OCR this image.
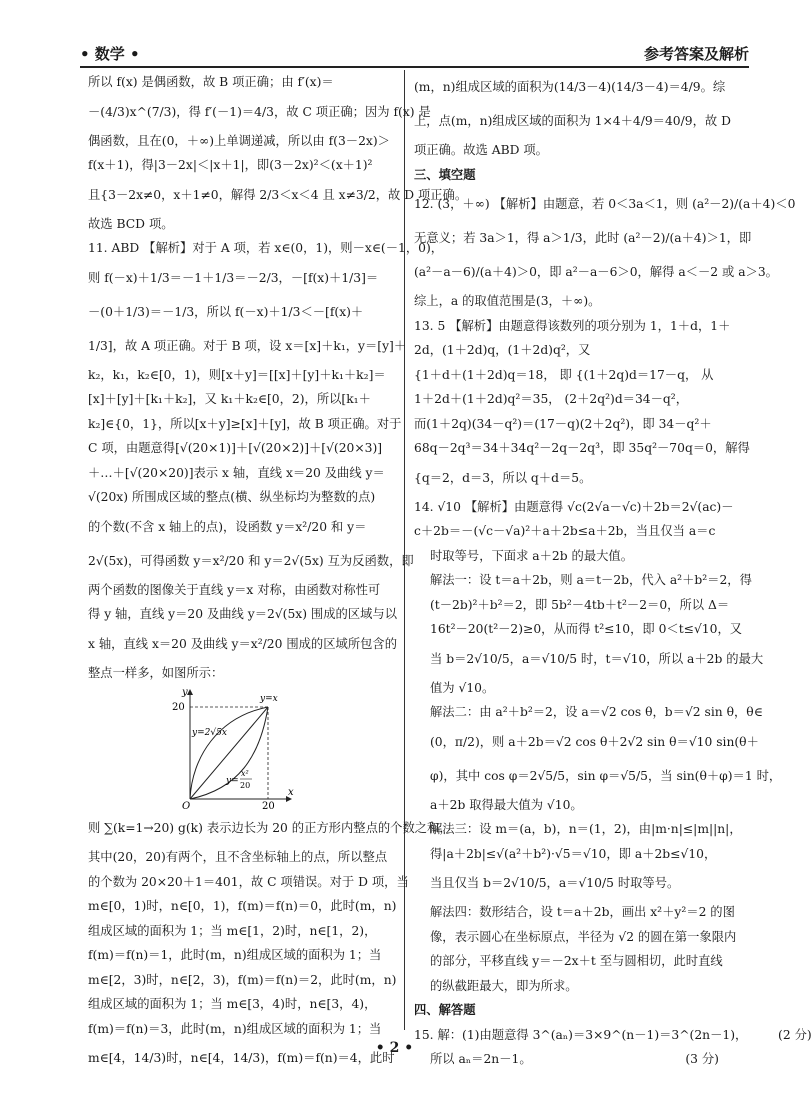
• 数学 •	参考答案及解析
所以 f(x) 是偶函数，故 B 项正确；由 f′(x)＝
－(4/3)x^(7/3)，得 f′(－1)＝4/3，故 C 项正确；因为 f(x) 是
偶函数，且在(0，＋∞)上单调递减，所以由 f(3－2x)＞
f(x＋1)，得|3－2x|＜|x＋1|，即(3－2x)²＜(x＋1)²
且{3－2x≠0，x＋1≠0，解得 2/3＜x＜4 且 x≠3/2，故 D 项正确。
故选 BCD 项。
11. ABD 【解析】对于 A 项，若 x∈(0，1)，则－x∈(－1，0)，
则 f(－x)＋1/3＝－1＋1/3＝－2/3，－[f(x)＋1/3]＝
－(0＋1/3)＝－1/3，所以 f(－x)＋1/3＜－[f(x)＋
1/3]，故 A 项正确。对于 B 项，设 x＝[x]＋k₁，y＝[y]＋
k₂，k₁，k₂∈[0，1)，则[x＋y]＝[[x]＋[y]＋k₁＋k₂]＝
[x]＋[y]＋[k₁＋k₂]，又 k₁＋k₂∈[0，2)，所以[k₁＋
k₂]∈{0，1}，所以[x＋y]≥[x]＋[y]，故 B 项正确。对于
C 项，由题意得[√(20×1)]＋[√(20×2)]＋[√(20×3)]
＋…＋[√(20×20)]表示 x 轴，直线 x＝20 及曲线 y＝
√(20x) 所围成区域的整点(横、纵坐标均为整数的点)
的个数(不含 x 轴上的点)，设函数 y＝x²/20 和 y＝
2√(5x)，可得函数 y＝x²/20 和 y＝2√(5x) 互为反函数，即
两个函数的图像关于直线 y＝x 对称，由函数对称性可
得 y 轴，直线 y＝20 及曲线 y＝2√(5x) 围成的区域与以
x 轴，直线 x＝20 及曲线 y＝x²/20 围成的区域所包含的
整点一样多，如图所示：
y
x
O
20
20
y=x
y=2√5x
y=
x²
20
则 ∑(k=1→20) g(k) 表示边长为 20 的正方形内整点的个数之和，
其中(20，20)有两个，且不含坐标轴上的点，所以整点
的个数为 20×20＋1＝401，故 C 项错误。对于 D 项，当
m∈[0，1)时，n∈[0，1)，f(m)＝f(n)＝0，此时(m，n)
组成区域的面积为 1；当 m∈[1，2)时，n∈[1，2)，
f(m)＝f(n)＝1，此时(m，n)组成区域的面积为 1；当
m∈[2，3)时，n∈[2，3)，f(m)＝f(n)＝2，此时(m，n)
组成区域的面积为 1；当 m∈[3，4)时，n∈[3，4)，
f(m)＝f(n)＝3，此时(m，n)组成区域的面积为 1；当
m∈[4，14/3)时，n∈[4，14/3)，f(m)＝f(n)＝4，此时
(m，n)组成区域的面积为(14/3－4)(14/3－4)＝4/9。综
上，点(m，n)组成区域的面积为 1×4＋4/9＝40/9，故 D
项正确。故选 ABD 项。
三、填空题
12. (3，＋∞) 【解析】由题意，若 0＜3a＜1，则 (a²－2)/(a＋4)＜0
无意义；若 3a＞1，得 a＞1/3，此时 (a²－2)/(a＋4)＞1，即
(a²－a－6)/(a＋4)＞0，即 a²－a－6＞0，解得 a＜－2 或 a＞3。
综上，a 的取值范围是(3，＋∞)。
13. 5 【解析】由题意得该数列的项分别为 1，1＋d，1＋
2d，(1＋2d)q，(1＋2d)q²，又
{1＋d＋(1＋2d)q＝18， 即 {(1＋2q)d＝17－q， 从
1＋2d＋(1＋2d)q²＝35， (2＋2q²)d＝34－q²，
而(1＋2q)(34－q²)＝(17－q)(2＋2q²)，即 34－q²＋
68q－2q³＝34＋34q²－2q－2q³，即 35q²－70q＝0，解得
{q＝2，d＝3，所以 q＋d＝5。
14. √10 【解析】由题意得 √c(2√a－√c)＋2b＝2√(ac)－
c＋2b＝－(√c－√a)²＋a＋2b≤a＋2b，当且仅当 a＝c
时取等号，下面求 a＋2b 的最大值。
解法一：设 t＝a＋2b，则 a＝t－2b，代入 a²＋b²＝2，得
(t－2b)²＋b²＝2，即 5b²－4tb＋t²－2＝0，所以 Δ＝
16t²－20(t²－2)≥0，从而得 t²≤10，即 0＜t≤√10，又
当 b＝2√10/5，a＝√10/5 时，t＝√10，所以 a＋2b 的最大
值为 √10。
解法二：由 a²＋b²＝2，设 a＝√2 cos θ，b＝√2 sin θ，θ∈
(0，π/2)，则 a＋2b＝√2 cos θ＋2√2 sin θ＝√10 sin(θ＋
φ)，其中 cos φ＝2√5/5，sin φ＝√5/5，当 sin(θ＋φ)＝1 时，
a＋2b 取得最大值为 √10。
解法三：设 m＝(a，b)，n＝(1，2)，由|m·n|≤|m||n|，
得|a＋2b|≤√(a²＋b²)·√5＝√10，即 a＋2b≤√10，
当且仅当 b＝2√10/5，a＝√10/5 时取等号。
解法四：数形结合，设 t＝a＋2b，画出 x²＋y²＝2 的图
像，表示圆心在坐标原点，半径为 √2 的圆在第一象限内
的部分，平移直线 y＝－2x＋t 至与圆相切，此时直线
的纵截距最大，即为所求。
四、解答题
15. 解：(1)由题意得 3^(aₙ)＝3×9^(n－1)＝3^(2n－1)，　　　(2 分)
所以 aₙ＝2n－1。　　　　　　　　　　　　　(3 分)
• 2 •
